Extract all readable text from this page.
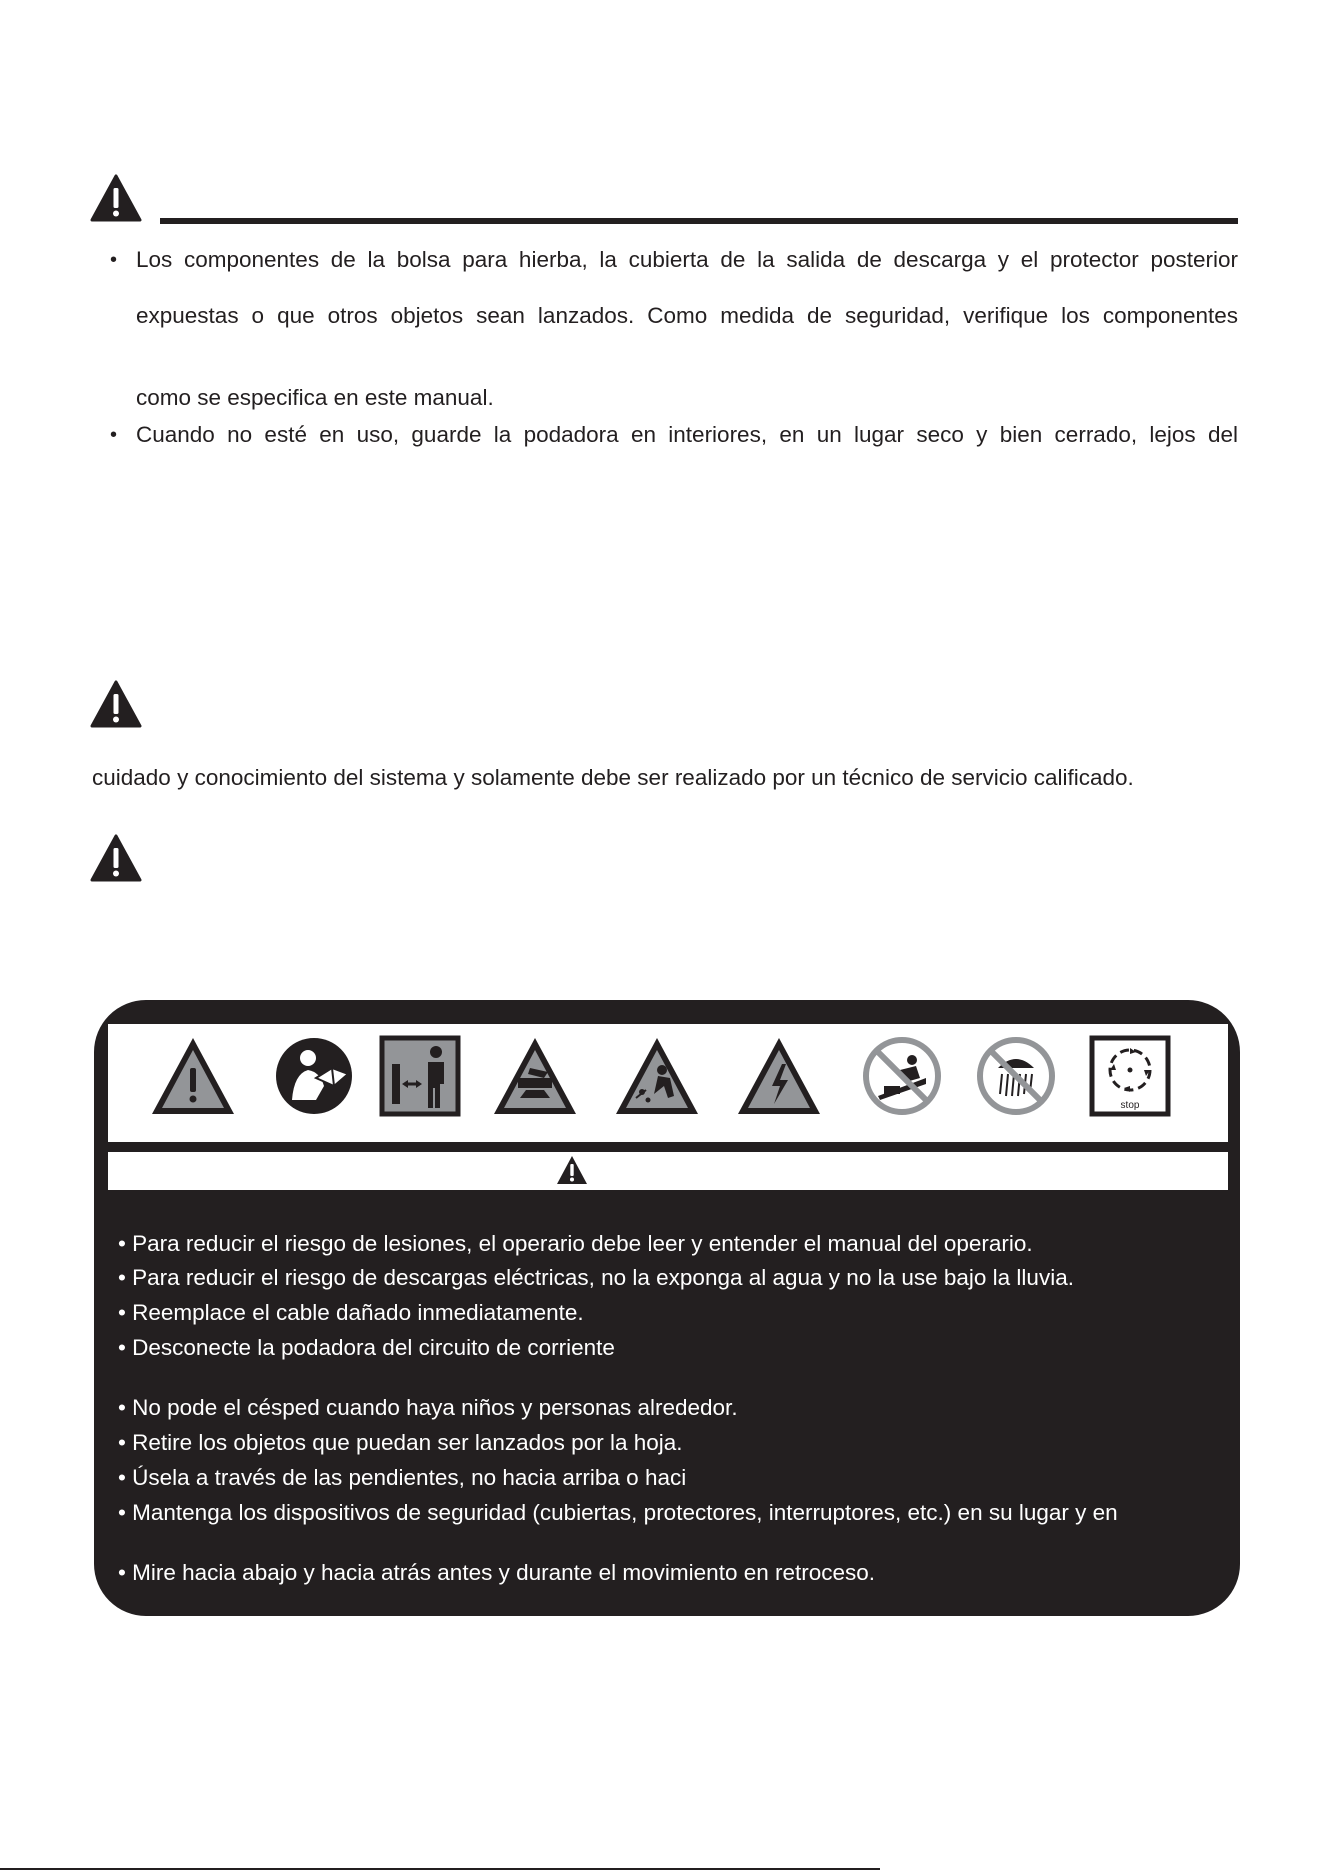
• Los componentes de la bolsa para hierba, la cubierta de la salida de descarga y el protector posterior
expuestas o que otros objetos sean lanzados. Como medida de seguridad, verifique los componentes
como se especifica en este manual.
• Cuando no esté en uso, guarde la podadora en interiores, en un lugar seco y bien cerrado, lejos del
cuidado y conocimiento del sistema y solamente debe ser realizado por un técnico de servicio calificado.
stop
• Para reducir el riesgo de lesiones, el operario debe leer y entender el manual del operario.
• Para reducir el riesgo de descargas eléctricas, no la exponga al agua y no la use bajo la lluvia.
• Reemplace el cable dañado inmediatamente.
• Desconecte la podadora del circuito de corriente
• No pode el césped cuando haya niños y personas alrededor.
• Retire los objetos que puedan ser lanzados por la hoja.
• Úsela a través de las pendientes, no hacia arriba o haci
• Mantenga los dispositivos de seguridad (cubiertas, protectores, interruptores, etc.) en su lugar y en
• Mire hacia abajo y hacia atrás antes y durante el movimiento en retroceso.
